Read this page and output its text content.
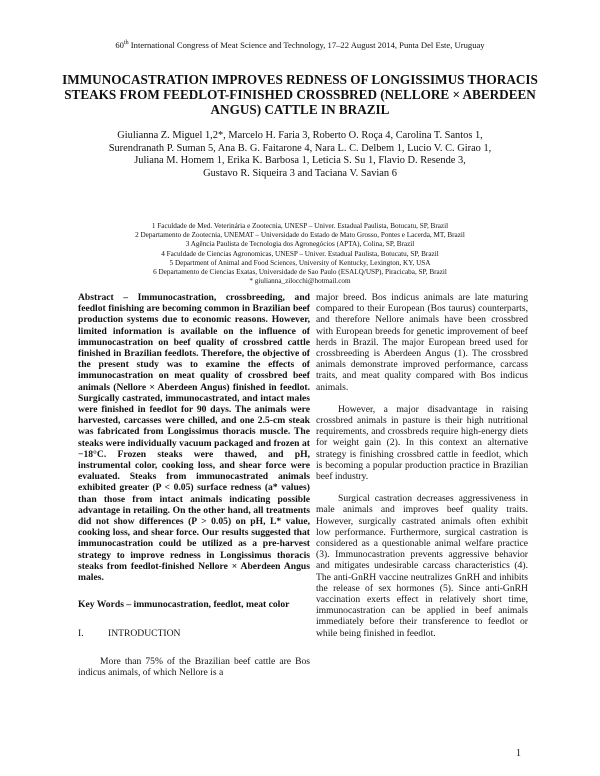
60th International Congress of Meat Science and Technology, 17–22 August 2014, Punta Del Este, Uruguay
IMMUNOCASTRATION IMPROVES REDNESS OF LONGISSIMUS THORACIS STEAKS FROM FEEDLOT-FINISHED CROSSBRED (NELLORE × ABERDEEN ANGUS) CATTLE IN BRAZIL
Giulianna Z. Miguel 1,2*, Marcelo H. Faria 3, Roberto O. Roça 4, Carolina T. Santos 1,
Surendranath P. Suman 5, Ana B. G. Faitarone 4, Nara L. C. Delbem 1, Lucio V. C. Girao 1,
Juliana M. Homem 1, Erika K. Barbosa 1, Leticia S. Su 1, Flavio D. Resende 3,
Gustavo R. Siqueira 3 and Taciana V. Savian 6
1 Faculdade de Med. Veterinária e Zootecnia, UNESP – Univer. Estadual Paulista, Botucatu, SP, Brazil
2 Departamento de Zootecnia, UNEMAT – Universidade do Estado de Mato Grosso, Pontes e Lacerda, MT, Brazil
3 Agência Paulista de Tecnologia dos Agronegócios (APTA), Colina, SP, Brazil
4 Faculdade de Ciencias Agronomicas, UNESP – Univer. Estadual Paulista, Botucatu, SP, Brazil
5 Department of Animal and Food Sciences, University of Kentucky, Lexington, KY, USA
6 Departamento de Ciencias Exatas, Universidade de Sao Paulo (ESALQ/USP), Piracicaba, SP, Brazil
* giulianna_zilocchi@hotmail.com
Abstract – Immunocastration, crossbreeding, and feedlot finishing are becoming common in Brazilian beef production systems due to economic reasons. However, limited information is available on the influence of immunocastration on beef quality of crossbred cattle finished in Brazilian feedlots. Therefore, the objective of the present study was to examine the effects of immunocastration on meat quality of crossbred beef animals (Nellore × Aberdeen Angus) finished in feedlot. Surgically castrated, immunocastrated, and intact males were finished in feedlot for 90 days. The animals were harvested, carcasses were chilled, and one 2.5-cm steak was fabricated from Longissimus thoracis muscle. The steaks were individually vacuum packaged and frozen at −18°C. Frozen steaks were thawed, and pH, instrumental color, cooking loss, and shear force were evaluated. Steaks from immunocastrated animals exhibited greater (P < 0.05) surface redness (a* values) than those from intact animals indicating possible advantage in retailing. On the other hand, all treatments did not show differences (P > 0.05) on pH, L* value, cooking loss, and shear force. Our results suggested that immunocastration could be utilized as a pre-harvest strategy to improve redness in Longissimus thoracis steaks from feedlot-finished Nellore × Aberdeen Angus males.
Key Words – immunocastration, feedlot, meat color
I.	INTRODUCTION
More than 75% of the Brazilian beef cattle are Bos indicus animals, of which Nellore is a

major breed. Bos indicus animals are late maturing compared to their European (Bos taurus) counterparts, and therefore Nellore animals have been crossbred with European breeds for genetic improvement of beef herds in Brazil. The major European breed used for crossbreeding is Aberdeen Angus (1). The crossbred animals demonstrate improved performance, carcass traits, and meat quality compared with Bos indicus animals.

However, a major disadvantage in raising crossbred animals in pasture is their high nutritional requirements, and crossbreds require high-energy diets for weight gain (2). In this context an alternative strategy is finishing crossbred cattle in feedlot, which is becoming a popular production practice in Brazilian beef industry.

Surgical castration decreases aggressiveness in male animals and improves beef quality traits. However, surgically castrated animals often exhibit low performance. Furthermore, surgical castration is considered as a questionable animal welfare practice (3). Immunocastration prevents aggressive behavior and mitigates undesirable carcass characteristics (4). The anti-GnRH vaccine neutralizes GnRH and inhibits the release of sex hormones (5). Since anti-GnRH vaccination exerts effect in relatively short time, immunocastration can be applied in beef animals immediately before their transference to feedlot or while being finished in feedlot.

1
